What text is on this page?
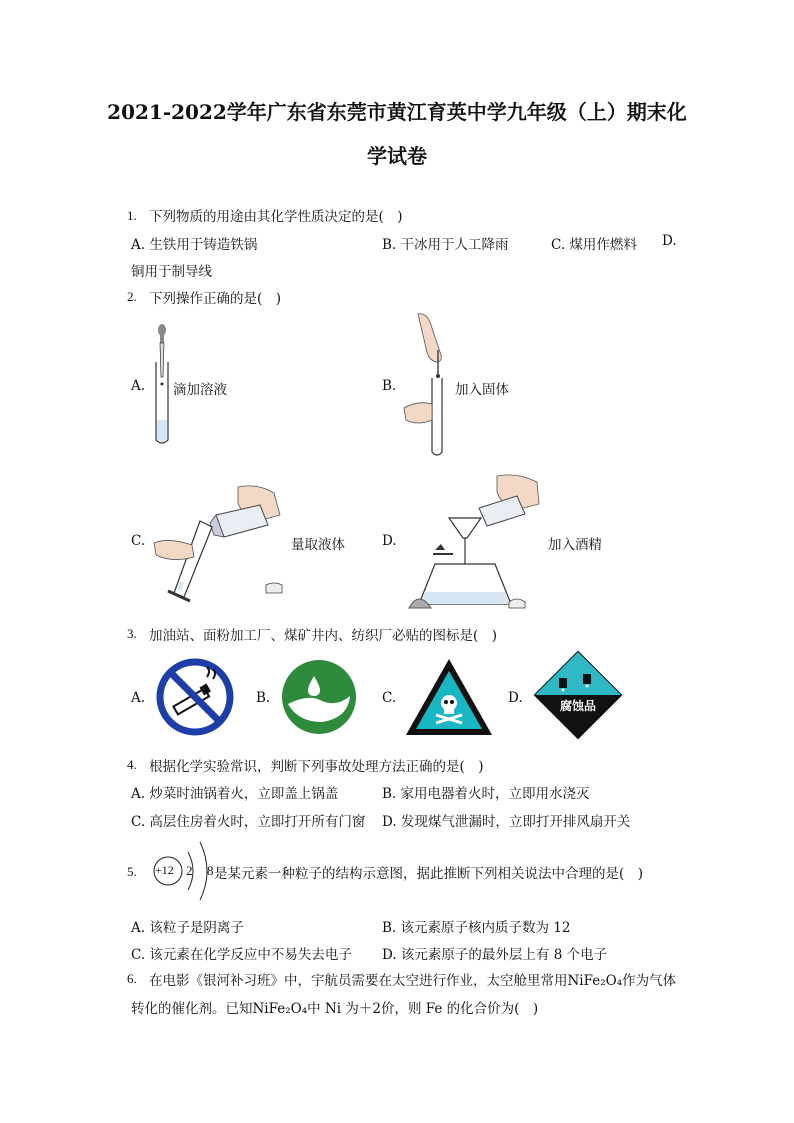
2021-2022学年广东省东莞市黄江育英中学九年级（上）期末化
学试卷
1. 下列物质的用途由其化学性质决定的是(　)
A. 生铁用于铸造铁锅	B. 干冰用于人工降雨	C. 煤用作燃料 D.
铜用于制导线
2. 下列操作正确的是(　)
A. 滴加溶液	B.	加入固体
C.	量取液体	D.	加入酒精
3. 加油站、面粉加工厂、煤矿井内、纺织厂必贴的图标是(　)
A.	B.	C.	D.	腐蚀品
4. 根据化学实验常识，判断下列事故处理方法正确的是(　)
A. 炒菜时油锅着火，立即盖上锅盖	B. 家用电器着火时，立即用水浇灭
C. 高层住房着火时，立即打开所有门窗 D. 发现煤气泄漏时，立即打开排风扇开关
5. +12 2 8 是某元素一种粒子的结构示意图，据此推断下列相关说法中合理的是(　)
A. 该粒子是阴离子	B. 该元素原子核内质子数为 12
C. 该元素在化学反应中不易失去电子 D. 该元素原子的最外层上有 8 个电子
6. 在电影《银河补习班》中，宇航员需要在太空进行作业，太空舱里常用NiFe₂O₄作为气体
转化的催化剂。已知NiFe₂O₄中 Ni 为＋2价，则 Fe 的化合价为(　)
